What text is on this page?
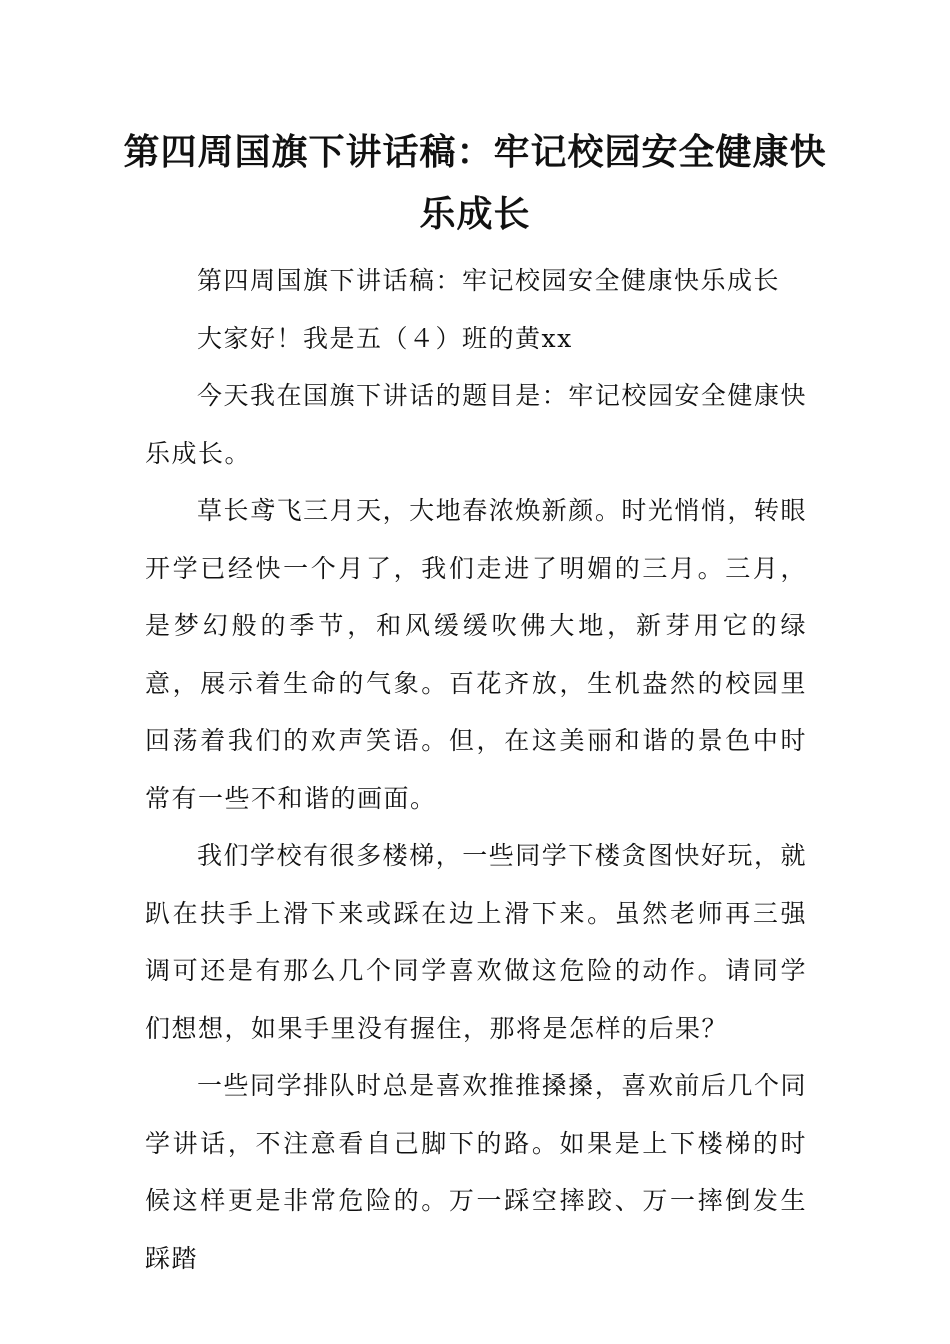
第四周国旗下讲话稿：牢记校园安全健康快乐成长

第四周国旗下讲话稿：牢记校园安全健康快乐成长

大家好！我是五（４）班的黄xx

今天我在国旗下讲话的题目是：牢记校园安全健康快乐成长。

草长鸢飞三月天，大地春浓焕新颜。时光悄悄，转眼开学已经快一个月了，我们走进了明媚的三月。三月，是梦幻般的季节，和风缓缓吹佛大地，新芽用它的绿意，展示着生命的气象。百花齐放，生机盎然的校园里回荡着我们的欢声笑语。但，在这美丽和谐的景色中时常有一些不和谐的画面。

我们学校有很多楼梯，一些同学下楼贪图快好玩，就趴在扶手上滑下来或踩在边上滑下来。虽然老师再三强调可还是有那么几个同学喜欢做这危险的动作。请同学们想想，如果手里没有握住，那将是怎样的后果？

一些同学排队时总是喜欢推推搡搡，喜欢前后几个同学讲话，不注意看自己脚下的路。如果是上下楼梯的时候这样更是非常危险的。万一踩空摔跤、万一摔倒发生踩踏
